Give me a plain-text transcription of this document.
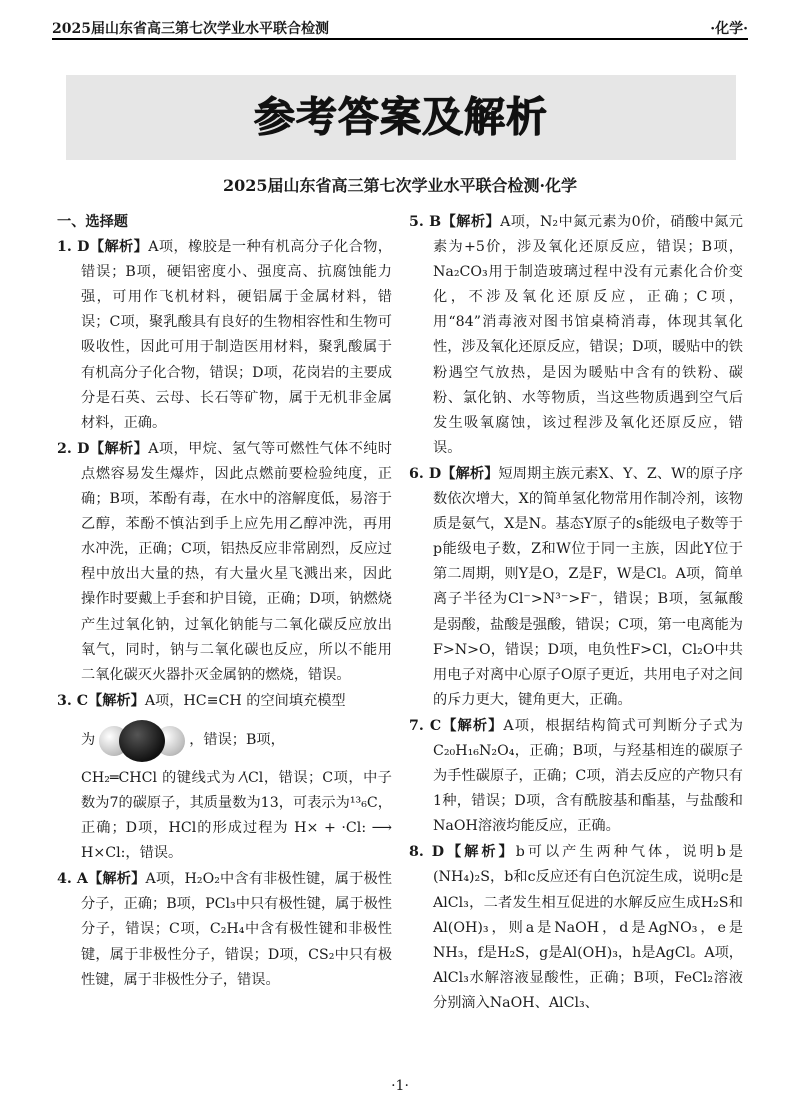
2025届山东省高三第七次学业水平联合检测	·化学·
参考答案及解析
2025届山东省高三第七次学业水平联合检测·化学

一、选择题

1. D【解析】A项，橡胶是一种有机高分子化合物，错误；B项，硬铝密度小、强度高、抗腐蚀能力强，可用作飞机材料，硬铝属于金属材料，错误；C项，聚乳酸具有良好的生物相容性和生物可吸收性，因此可用于制造医用材料，聚乳酸属于有机高分子化合物，错误；D项，花岗岩的主要成分是石英、云母、长石等矿物，属于无机非金属材料，正确。

2. D【解析】A项，甲烷、氢气等可燃性气体不纯时点燃容易发生爆炸，因此点燃前要检验纯度，正确；B项，苯酚有毒，在水中的溶解度低，易溶于乙醇，苯酚不慎沾到手上应先用乙醇冲洗，再用水冲洗，正确；C项，铝热反应非常剧烈，反应过程中放出大量的热，有大量火星飞溅出来，因此操作时要戴上手套和护目镜，正确；D项，钠燃烧产生过氧化钠，过氧化钠能与二氧化碳反应放出氧气，同时，钠与二氧化碳也反应，所以不能用二氧化碳灭火器扑灭金属钠的燃烧，错误。

3. C【解析】A项，HC≡CH 的空间填充模型

为	，错误；B项，

CH₂═CHCl 的键线式为 ⁄\Cl，错误；C项，中子数为7的碳原子，其质量数为13，可表示为¹³₆C，正确；D项，HCl的形成过程为 H× + ·Cl: ⟶ H×Cl:，错误。

4. A【解析】A项，H₂O₂中含有非极性键，属于极性分子，正确；B项，PCl₃中只有极性键，属于极性分子，错误；C项，C₂H₄中含有极性键和非极性键，属于非极性分子，错误；D项，CS₂中只有极性键，属于非极性分子，错误。

5. B【解析】A项，N₂中氮元素为0价，硝酸中氮元素为+5价，涉及氧化还原反应，错误；B项，Na₂CO₃用于制造玻璃过程中没有元素化合价变化，不涉及氧化还原反应，正确；C项，用“84”消毒液对图书馆桌椅消毒，体现其氧化性，涉及氧化还原反应，错误；D项，暖贴中的铁粉遇空气放热，是因为暖贴中含有的铁粉、碳粉、氯化钠、水等物质，当这些物质遇到空气后发生吸氧腐蚀，该过程涉及氧化还原反应，错误。

6. D【解析】短周期主族元素X、Y、Z、W的原子序数依次增大，X的简单氢化物常用作制冷剂，该物质是氨气，X是N。基态Y原子的s能级电子数等于p能级电子数，Z和W位于同一主族，因此Y位于第二周期，则Y是O，Z是F，W是Cl。A项，简单离子半径为Cl⁻>N³⁻>F⁻，错误；B项，氢氟酸是弱酸，盐酸是强酸，错误；C项，第一电离能为F>N>O，错误；D项，电负性F>Cl，Cl₂O中共用电子对离中心原子O原子更近，共用电子对之间的斥力更大，键角更大，正确。

7. C【解析】A项，根据结构简式可判断分子式为C₂₀H₁₆N₂O₄，正确；B项，与羟基相连的碳原子为手性碳原子，正确；C项，消去反应的产物只有1种，错误；D项，含有酰胺基和酯基，与盐酸和NaOH溶液均能反应，正确。

8. D【解析】b可以产生两种气体，说明b是(NH₄)₂S，b和c反应还有白色沉淀生成，说明c是AlCl₃，二者发生相互促进的水解反应生成H₂S和Al(OH)₃，则a是NaOH，d是AgNO₃，e是NH₃，f是H₂S，g是Al(OH)₃，h是AgCl。A项，AlCl₃水解溶液显酸性，正确；B项，FeCl₂溶液分别滴入NaOH、AlCl₃、

·1·
